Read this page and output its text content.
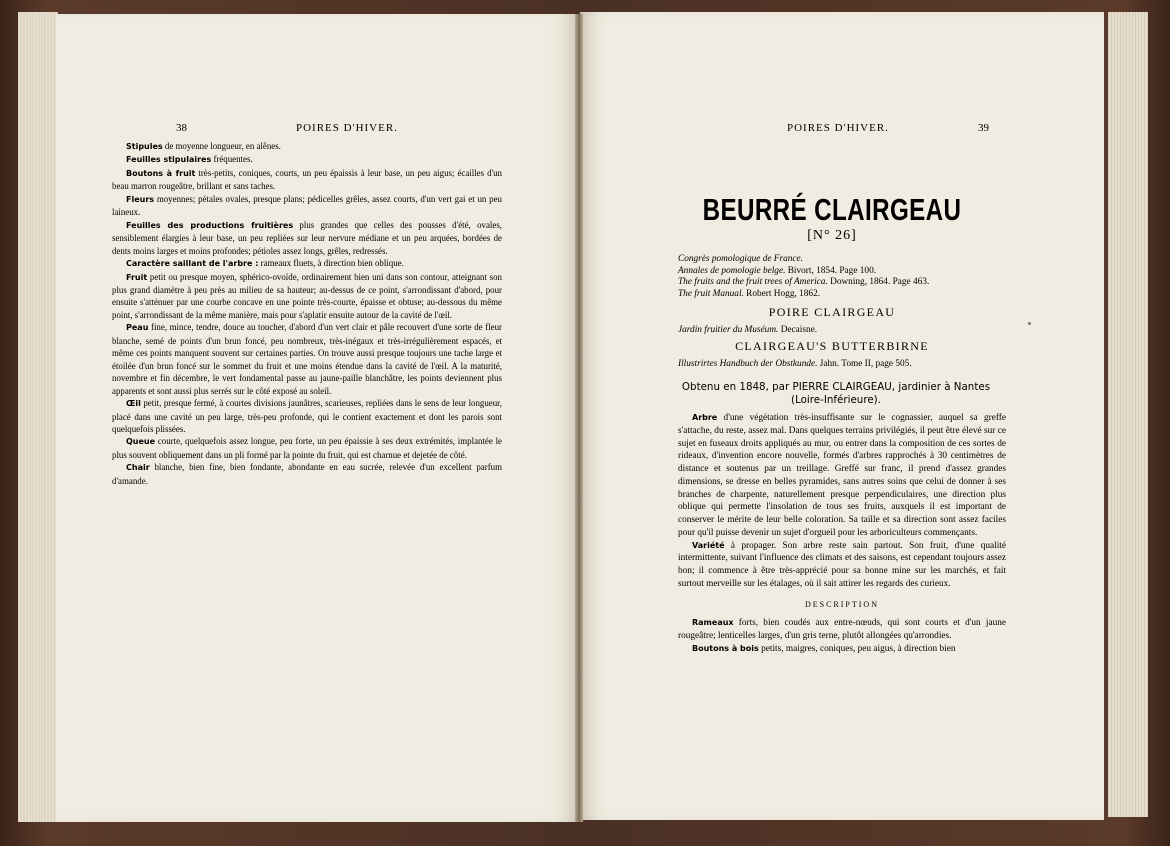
38	POIRES D'HIVER.

Stipules de moyenne longueur, en alênes.

Feuilles stipulaires fréquentes.

Boutons à fruit très-petits, coniques, courts, un peu épaissis à leur base, un peu aigus; écailles d'un beau marron rougeâtre, brillant et sans taches.

Fleurs moyennes; pétales ovales, presque plans; pédicelles grêles, assez courts, d'un vert gai et un peu laineux.

Feuilles des productions fruitières plus grandes que celles des pousses d'été, ovales, sensiblement élargies à leur base, un peu repliées sur leur nervure médiane et un peu arquées, bordées de dents moins larges et moins profondes; pétioles assez longs, grêles, redressés.

Caractère saillant de l'arbre : rameaux fluets, à direction bien oblique.

Fruit petit ou presque moyen, sphérico-ovoïde, ordinairement bien uni dans son contour, atteignant son plus grand diamètre à peu près au milieu de sa hauteur; au-dessus de ce point, s'arrondissant d'abord, pour ensuite s'atténuer par une courbe concave en une pointe très-courte, épaisse et obtuse; au-dessous du même point, s'arrondissant de la même manière, mais pour s'aplatir ensuite autour de la cavité de l'œil.

Peau fine, mince, tendre, douce au toucher, d'abord d'un vert clair et pâle recouvert d'une sorte de fleur blanche, semé de points d'un brun foncé, peu nombreux, très-inégaux et très-irrégulièrement espacés, et même ces points manquent souvent sur certaines parties. On trouve aussi presque toujours une tache large et étoilée d'un brun foncé sur le sommet du fruit et une moins étendue dans la cavité de l'œil. A la maturité, novembre et fin décembre, le vert fondamental passe au jaune-paille blanchâtre, les points deviennent plus apparents et sont aussi plus serrés sur le côté exposé au soleil.

Œil petit, presque fermé, à courtes divisions jaunâtres, scarieuses, repliées dans le sens de leur longueur, placé dans une cavité un peu large, très-peu profonde, qui le contient exactement et dont les parois sont quelquefois plissées.

Queue courte, quelquefois assez longue, peu forte, un peu épaissie à ses deux extrémités, implantée le plus souvent obliquement dans un pli formé par la pointe du fruit, qui est charnue et dejetée de côté.

Chair blanche, bien fine, bien fondante, abondante en eau sucrée, relevée d'un excellent parfum d'amande.

POIRES D'HIVER.	39
BEURRÉ CLAIRGEAU
[N° 26]
Congrès pomologique de France.
Annales de pomologie belge. Bivort, 1854. Page 100.
The fruits and the fruit trees of America. Downing, 1864. Page 463.
The fruit Manual. Robert Hogg, 1862.
POIRE CLAIRGEAU
Jardin fruitier du Muséum. Decaisne.
CLAIRGEAU'S BUTTERBIRNE
Illustrirtes Handbuch der Obstkunde. Jahn. Tome II, page 505.
Obtenu en 1848, par PIERRE CLAIRGEAU, jardinier à Nantes
(Loire-Inférieure).

Arbre d'une végétation très-insuffisante sur le cognassier, auquel sa greffe s'attache, du reste, assez mal. Dans quelques terrains privilégiés, il peut être élevé sur ce sujet en fuseaux droits appliqués au mur, ou entrer dans la composition de ces sortes de rideaux, d'invention encore nouvelle, formés d'arbres rapprochés à 30 centimètres de distance et soutenus par un treillage. Greffé sur franc, il prend d'assez grandes dimensions, se dresse en belles pyramides, sans autres soins que celui de donner à ses branches de charpente, naturellement presque perpendiculaires, une direction plus oblique qui permette l'insolation de tous ses fruits, auxquels il est important de conserver le mérite de leur belle coloration. Sa taille et sa direction sont assez faciles pour qu'il puisse devenir un sujet d'orgueil pour les arboriculteurs commençants.

Variété à propager. Son arbre reste sain partout. Son fruit, d'une qualité intermittente, suivant l'influence des climats et des saisons, est cependant toujours assez bon; il commence à être très-apprécié pour sa bonne mine sur les marchés, et fait surtout merveille sur les étalages, où il sait attirer les regards des curieux.

DESCRIPTION

Rameaux forts, bien coudés aux entre-nœuds, qui sont courts et d'un jaune rougeâtre; lenticelles larges, d'un gris terne, plutôt allongées qu'arrondies.

Boutons à bois petits, maigres, coniques, peu aigus, à direction bien
